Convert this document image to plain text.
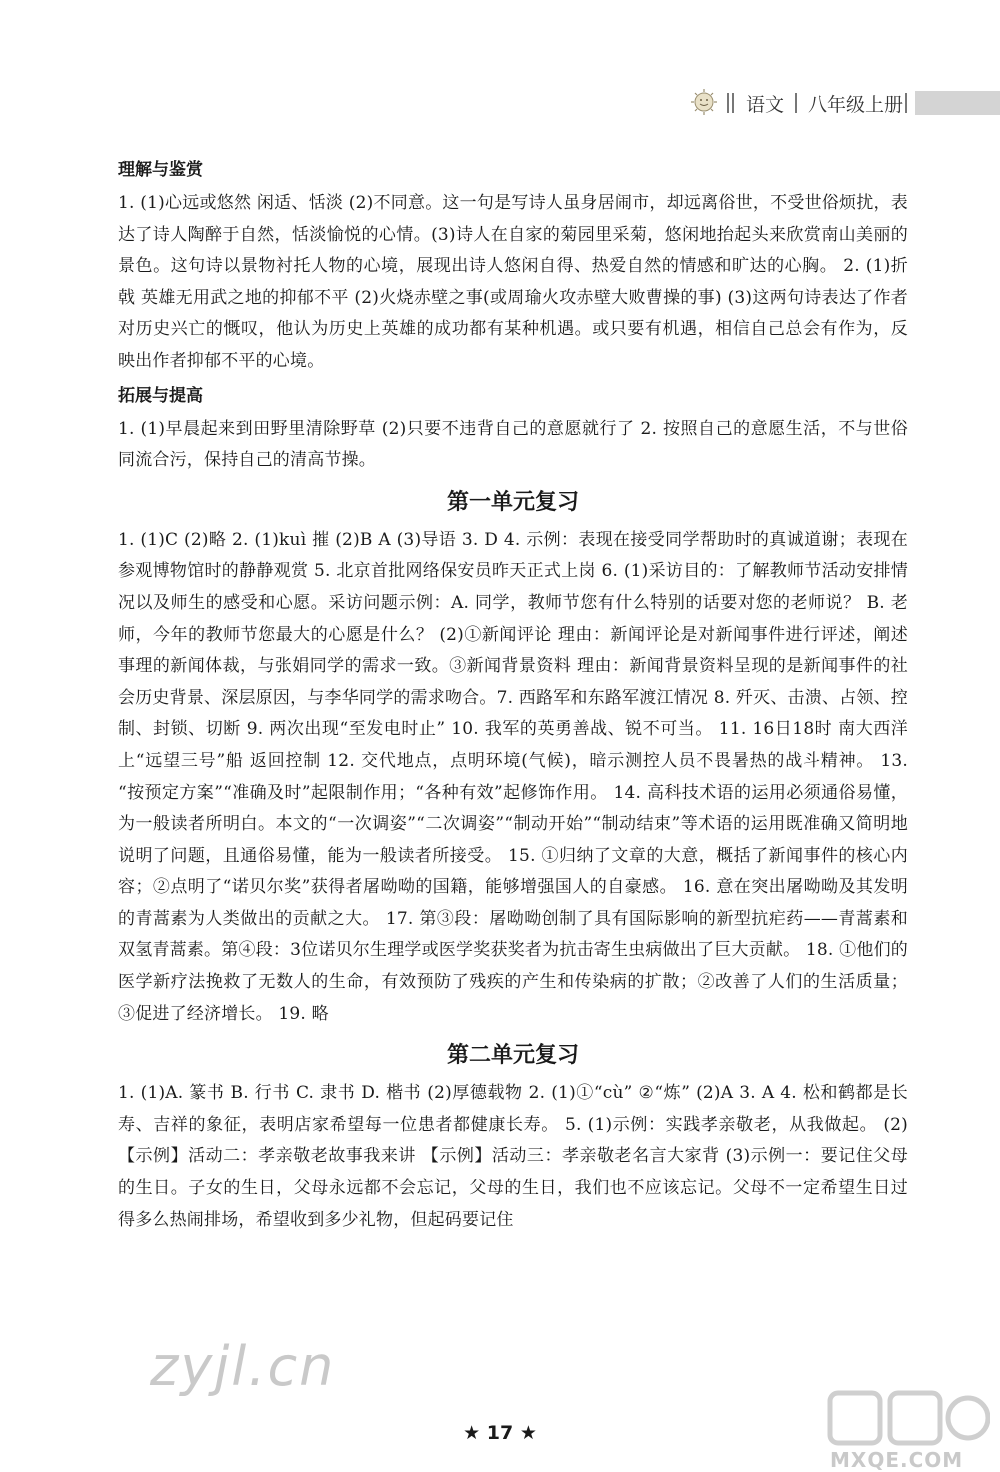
语文 八年级上册
理解与鉴赏
1. (1)心远或悠然 闲适、恬淡 (2)不同意。这一句是写诗人虽身居闹市，却远离俗世，不受世俗烦扰，表达了诗人陶醉于自然，恬淡愉悦的心情。(3)诗人在自家的菊园里采菊，悠闲地抬起头来欣赏南山美丽的景色。这句诗以景物衬托人物的心境，展现出诗人悠闲自得、热爱自然的情感和旷达的心胸。 2. (1)折戟 英雄无用武之地的抑郁不平 (2)火烧赤壁之事(或周瑜火攻赤壁大败曹操的事) (3)这两句诗表达了作者对历史兴亡的慨叹，他认为历史上英雄的成功都有某种机遇。或只要有机遇，相信自己总会有作为，反映出作者抑郁不平的心境。
拓展与提高
1. (1)早晨起来到田野里清除野草 (2)只要不违背自己的意愿就行了 2. 按照自己的意愿生活，不与世俗同流合污，保持自己的清高节操。
第一单元复习
1. (1)C (2)略 2. (1)kuì 摧 (2)B A (3)导语 3. D 4. 示例：表现在接受同学帮助时的真诚道谢；表现在参观博物馆时的静静观赏 5. 北京首批网络保安员昨天正式上岗 6. (1)采访目的：了解教师节活动安排情况以及师生的感受和心愿。采访问题示例：A. 同学，教师节您有什么特别的话要对您的老师说？ B. 老师，今年的教师节您最大的心愿是什么？ (2)①新闻评论 理由：新闻评论是对新闻事件进行评述，阐述事理的新闻体裁，与张娟同学的需求一致。③新闻背景资料 理由：新闻背景资料呈现的是新闻事件的社会历史背景、深层原因，与李华同学的需求吻合。7. 西路军和东路军渡江情况 8. 歼灭、击溃、占领、控制、封锁、切断 9. 两次出现“至发电时止” 10. 我军的英勇善战、锐不可当。 11. 16日18时 南大西洋上“远望三号”船 返回控制 12. 交代地点，点明环境(气候)，暗示测控人员不畏暑热的战斗精神。 13. “按预定方案”“准确及时”起限制作用；“各种有效”起修饰作用。 14. 高科技术语的运用必须通俗易懂，为一般读者所明白。本文的“一次调姿”“二次调姿”“制动开始”“制动结束”等术语的运用既准确又简明地说明了问题，且通俗易懂，能为一般读者所接受。 15. ①归纳了文章的大意，概括了新闻事件的核心内容；②点明了“诺贝尔奖”获得者屠呦呦的国籍，能够增强国人的自豪感。 16. 意在突出屠呦呦及其发明的青蒿素为人类做出的贡献之大。 17. 第③段：屠呦呦创制了具有国际影响的新型抗疟药——青蒿素和双氢青蒿素。第④段：3位诺贝尔生理学或医学奖获奖者为抗击寄生虫病做出了巨大贡献。 18. ①他们的医学新疗法挽救了无数人的生命，有效预防了残疾的产生和传染病的扩散；②改善了人们的生活质量；③促进了经济增长。 19. 略
第二单元复习
1. (1)A. 篆书 B. 行书 C. 隶书 D. 楷书 (2)厚德载物 2. (1)①“cù” ②“炼” (2)A 3. A 4. 松和鹤都是长寿、吉祥的象征，表明店家希望每一位患者都健康长寿。 5. (1)示例：实践孝亲敬老，从我做起。 (2)【示例】活动二：孝亲敬老故事我来讲 【示例】活动三：孝亲敬老名言大家背 (3)示例一：要记住父母的生日。子女的生日，父母永远都不会忘记，父母的生日，我们也不应该忘记。父母不一定希望生日过得多么热闹排场，希望收到多少礼物，但起码要记住
zyjl.cn
MXQE.COM
★ 17 ★
